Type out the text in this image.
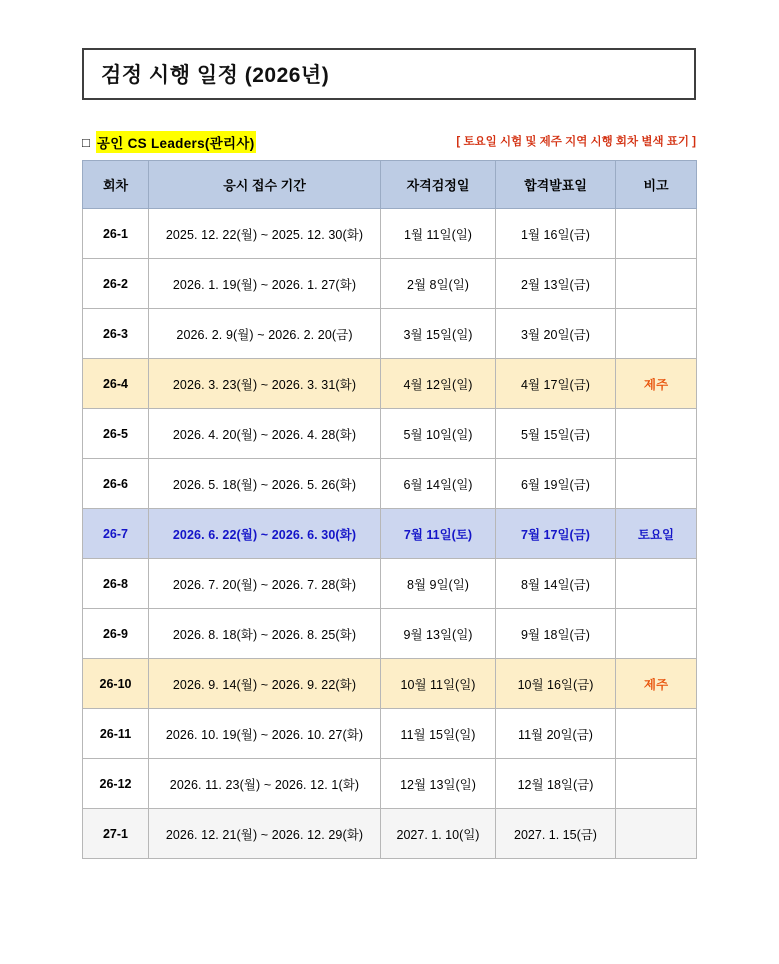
검정 시행 일정 (2026년)
□ 공인 CS Leaders(관리사)	[ 토요일 시험 및 제주 지역 시행 회차 별색 표기 ]
회차	응시 접수 기간	자격검정일	합격발표일	비고
26-1	2025. 12. 22(월) ~ 2025. 12. 30(화)	1월 11일(일)	1월 16일(금)	
26-2	2026. 1. 19(월) ~ 2026. 1. 27(화)	2월 8일(일)	2월 13일(금)	
26-3	2026. 2. 9(월) ~ 2026. 2. 20(금)	3월 15일(일)	3월 20일(금)	
26-4	2026. 3. 23(월) ~ 2026. 3. 31(화)	4월 12일(일)	4월 17일(금)	제주
26-5	2026. 4. 20(월) ~ 2026. 4. 28(화)	5월 10일(일)	5월 15일(금)	
26-6	2026. 5. 18(월) ~ 2026. 5. 26(화)	6월 14일(일)	6월 19일(금)	
26-7	2026. 6. 22(월) ~ 2026. 6. 30(화)	7월 11일(토)	7월 17일(금)	토요일
26-8	2026. 7. 20(월) ~ 2026. 7. 28(화)	8월 9일(일)	8월 14일(금)	
26-9	2026. 8. 18(화) ~ 2026. 8. 25(화)	9월 13일(일)	9월 18일(금)	
26-10	2026. 9. 14(월) ~ 2026. 9. 22(화)	10월 11일(일)	10월 16일(금)	제주
26-11	2026. 10. 19(월) ~ 2026. 10. 27(화)	11월 15일(일)	11월 20일(금)	
26-12	2026. 11. 23(월) ~ 2026. 12. 1(화)	12월 13일(일)	12월 18일(금)	
27-1	2026. 12. 21(월) ~ 2026. 12. 29(화)	2027. 1. 10(일)	2027. 1. 15(금)	
